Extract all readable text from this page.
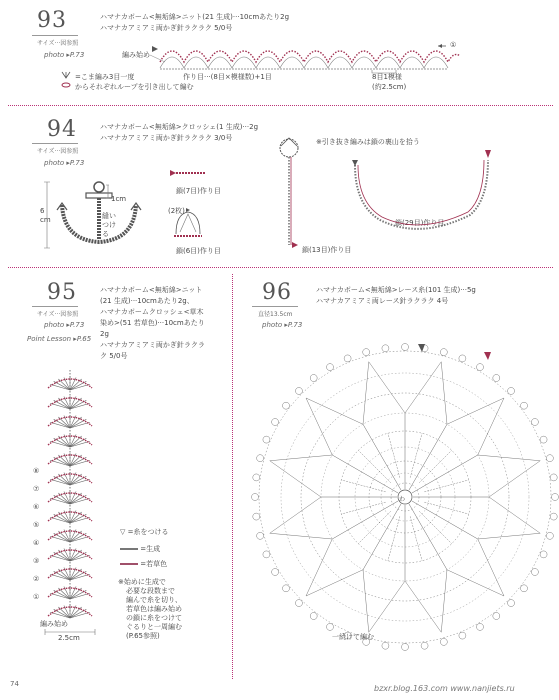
93
サイズ···図参照
photo ▸P.73
ハマナカボーム<無垢綿>ニット(21 生成)···10cmあたり2g
ハマナカアミアミ両かぎ針ラクラク 5/0号
編み始め
作り目···(8目×模様数)+1目	8目1模様
(約2.5cm)
①
=こま編み3目一度
からそれぞれループを引き出して編む
94
サイズ···図参照
photo ▸P.73
ハマナカボーム<無垢綿>クロッシェ(1 生成)···2g
ハマナカアミアミ両かぎ針ラクラク 3/0号	※引き抜き編みは鎖の裏山を拾う
鎖(7目)作り目
(2枚)
鎖(6目)作り目	鎖(13目)作り目
鎖(29目)作り目
1cm
縫いつける
6
cm
95
サイズ···図参照
photo ▸P.73
Point Lesson ▸P.65
ハマナカボーム<無垢綿>ニット
(21 生成)···10cmあたり2g、
ハマナカボームクロッシェ<草木
染め>(51 若草色)···10cmあたり
2g
ハマナカアミアミ両かぎ針ラクラ
ク 5/0号
▽ =糸をつける
=生成
=若草色
※始めに生成で
必要な段数まで
編んで糸を切り、
若草色は編み始め
の鎖に糸をつけて
ぐるりと一周編む
(P.65参照)
編み始め
2.5cm
⑧
⑦
⑥
⑤
④
③
②
①
96
直径13.5cm
photo ▸P.73
ハマナカボーム<無垢綿>レース糸(101 生成)···5g
ハマナカアミアミ両レース針ラクラク 4号
一続けて編む
わ
74	bzxr.blog.163.com www.nanjiets.ru
